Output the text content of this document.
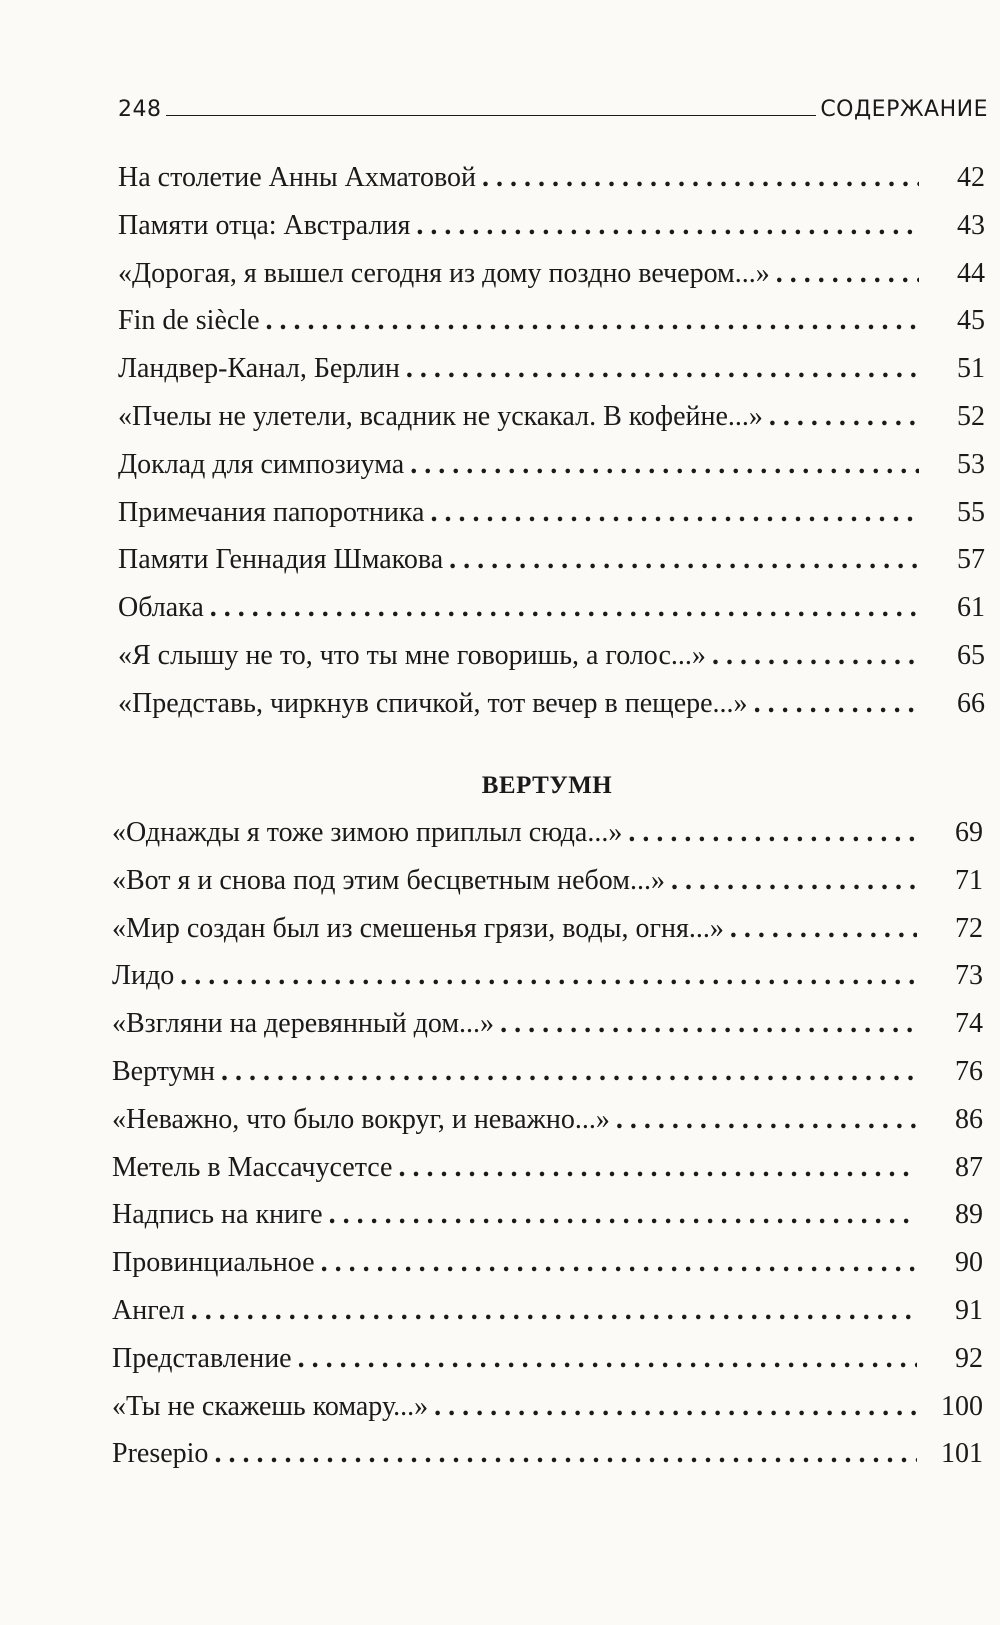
248	СОДЕРЖАНИЕ
На столетие Анны Ахматовой . . .	42
Памяти отца: Австралия . . .	43
«Дорогая, я вышел сегодня из дому поздно вечером...» . . .	44
Fin de siècle . . .	45
Ландвер-Канал, Берлин . . .	51
«Пчелы не улетели, всадник не ускакал. В кофейне...» . . .	52
Доклад для симпозиума . . .	53
Примечания папоротника . . .	55
Памяти Геннадия Шмакова . . .	57
Облака . . .	61
«Я слышу не то, что ты мне говоришь, а голос...» . . .	65
«Представь, чиркнув спичкой, тот вечер в пещере...» . . .	66
ВЕРТУМН
«Однажды я тоже зимою приплыл сюда...» . . .	69
«Вот я и снова под этим бесцветным небом...» . . .	71
«Мир создан был из смешенья грязи, воды, огня...» . . .	72
Лидо . . .	73
«Взгляни на деревянный дом...» . . .	74
Вертумн . . .	76
«Неважно, что было вокруг, и неважно...» . . .	86
Метель в Массачусетсе . . .	87
Надпись на книге . . .	89
Провинциальное . . .	90
Ангел . . .	91
Представление . . .	92
«Ты не скажешь комару...» . . .	100
Presepio . . .	101
